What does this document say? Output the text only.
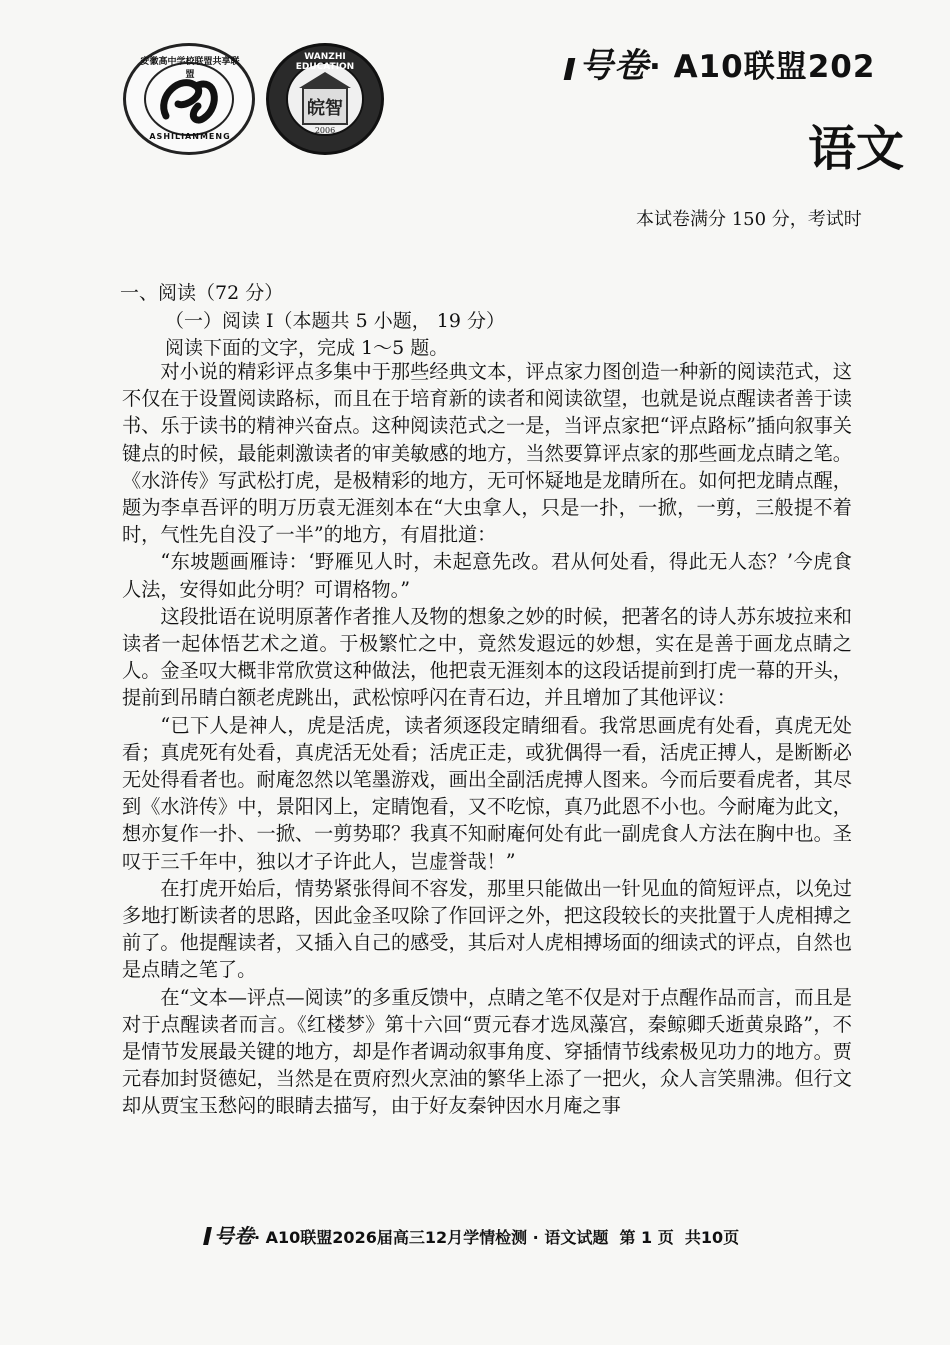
安徽高中学校联盟共享联盟
ASHILIANMENG
WANZHI EDUCATION
皖智
2006
号卷· A10联盟202
语文
本试卷满分 150 分，考试时
一、阅读（72 分）
（一）阅读 I（本题共 5 小题， 19 分）
阅读下面的文字，完成 1～5 题。

对小说的精彩评点多集中于那些经典文本，评点家力图创造一种新的阅读范式，这不仅在于设置阅读路标，而且在于培育新的读者和阅读欲望，也就是说点醒读者善于读书、乐于读书的精神兴奋点。这种阅读范式之一是，当评点家把“评点路标”插向叙事关键点的时候，最能刺激读者的审美敏感的地方，当然要算评点家的那些画龙点睛之笔。《水浒传》写武松打虎，是极精彩的地方，无可怀疑地是龙睛所在。如何把龙睛点醒，题为李卓吾评的明万历袁无涯刻本在“大虫拿人，只是一扑，一掀，一剪，三般提不着时，气性先自没了一半”的地方，有眉批道：

“东坡题画雁诗：‘野雁见人时，未起意先改。君从何处看，得此无人态？’今虎食人法，安得如此分明？可谓格物。”

这段批语在说明原著作者推人及物的想象之妙的时候，把著名的诗人苏东坡拉来和读者一起体悟艺术之道。于极繁忙之中，竟然发遐远的妙想，实在是善于画龙点睛之人。金圣叹大概非常欣赏这种做法，他把袁无涯刻本的这段话提前到打虎一幕的开头，提前到吊睛白额老虎跳出，武松惊呼闪在青石边，并且增加了其他评议：

“已下人是神人，虎是活虎，读者须逐段定睛细看。我常思画虎有处看，真虎无处看；真虎死有处看，真虎活无处看；活虎正走，或犹偶得一看，活虎正搏人，是断断必无处得看者也。耐庵忽然以笔墨游戏，画出全副活虎搏人图来。今而后要看虎者，其尽到《水浒传》中，景阳冈上，定睛饱看，又不吃惊，真乃此恩不小也。今耐庵为此文，想亦复作一扑、一掀、一剪势耶？我真不知耐庵何处有此一副虎食人方法在胸中也。圣叹于三千年中，独以才子许此人，岂虚誉哉！”

在打虎开始后，情势紧张得间不容发，那里只能做出一针见血的简短评点，以免过多地打断读者的思路，因此金圣叹除了作回评之外，把这段较长的夹批置于人虎相搏之前了。他提醒读者，又插入自己的感受，其后对人虎相搏场面的细读式的评点，自然也是点睛之笔了。

在“文本—评点—阅读”的多重反馈中，点睛之笔不仅是对于点醒作品而言，而且是对于点醒读者而言。《红楼梦》第十六回“贾元春才选凤藻宫，秦鲸卿夭逝黄泉路”，不是情节发展最关键的地方，却是作者调动叙事角度、穿插情节线索极见功力的地方。贾元春加封贤德妃，当然是在贾府烈火烹油的繁华上添了一把火，众人言笑鼎沸。但行文却从贾宝玉愁闷的眼睛去描写，由于好友秦钟因水月庵之事

号卷· A10联盟2026届高三12月学情检测 · 语文试题 第 1 页 共10页
